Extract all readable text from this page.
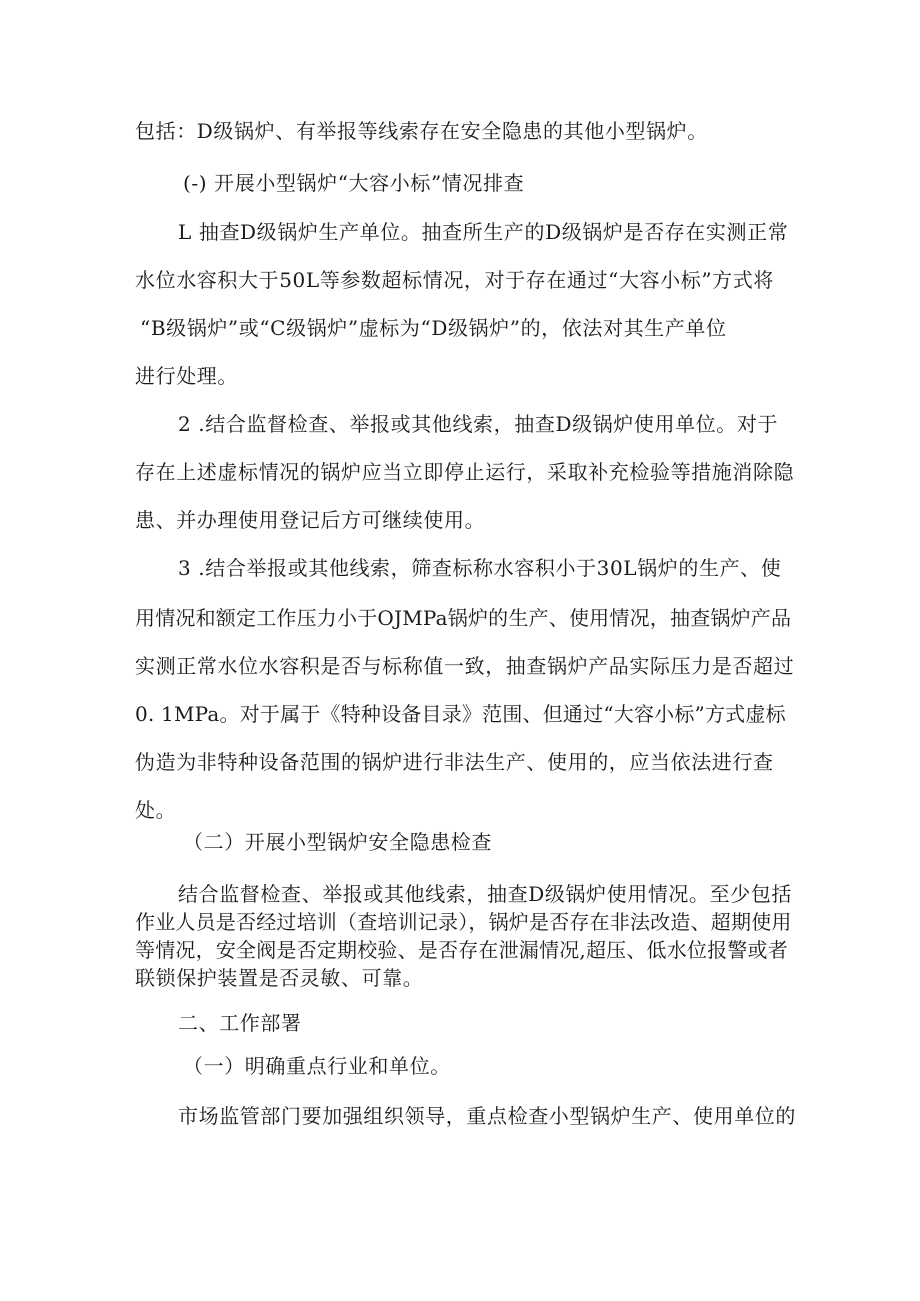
包括：D级锅炉、有举报等线索存在安全隐患的其他小型锅炉。
(-) 开展小型锅炉“大容小标”情况排查
L 抽查D级锅炉生产单位。抽查所生产的D级锅炉是否存在实测正常
水位水容积大于50L等参数超标情况，对于存在通过“大容小标”方式将
“B级锅炉”或“C级锅炉”虚标为“D级锅炉”的，依法对其生产单位
进行处理。
2 .结合监督检查、举报或其他线索，抽查D级锅炉使用单位。对于
存在上述虚标情况的锅炉应当立即停止运行，采取补充检验等措施消除隐
患、并办理使用登记后方可继续使用。
3 .结合举报或其他线索，筛查标称水容积小于30L锅炉的生产、使
用情况和额定工作压力小于OJMPa锅炉的生产、使用情况，抽查锅炉产品
实测正常水位水容积是否与标称值一致，抽查锅炉产品实际压力是否超过
0. 1MPa。对于属于《特种设备目录》范围、但通过“大容小标”方式虚标
伪造为非特种设备范围的锅炉进行非法生产、使用的，应当依法进行查
处。
（二）开展小型锅炉安全隐患检查
结合监督检查、举报或其他线索，抽查D级锅炉使用情况。至少包括
作业人员是否经过培训（查培训记录），锅炉是否存在非法改造、超期使用
等情况，安全阀是否定期校验、是否存在泄漏情况,超压、低水位报警或者
联锁保护装置是否灵敏、可靠。
二、工作部署
（一）明确重点行业和单位。
市场监管部门要加强组织领导，重点检查小型锅炉生产、使用单位的
